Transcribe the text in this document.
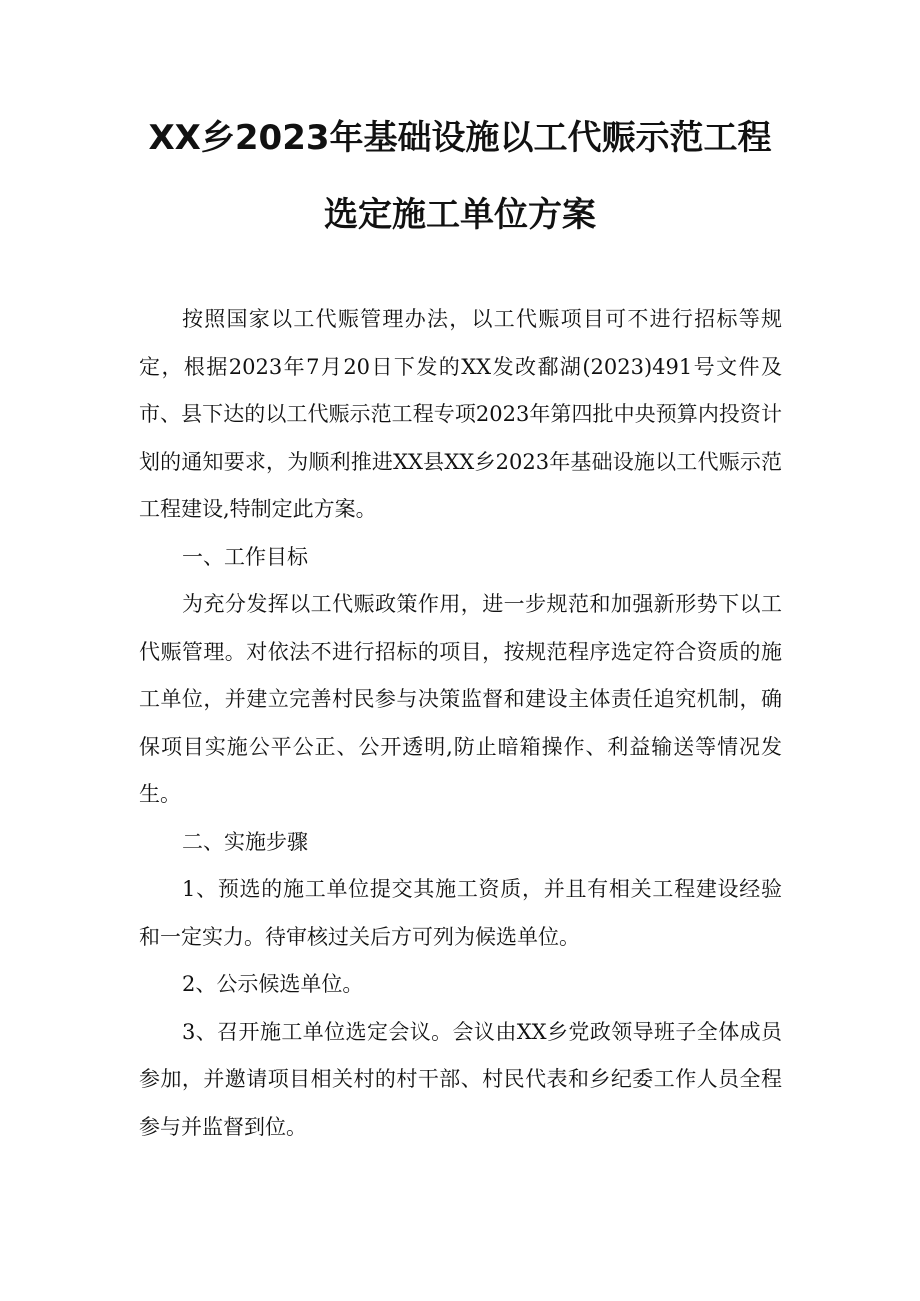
XX乡2023年基础设施以工代赈示范工程
选定施工单位方案

按照国家以工代赈管理办法，以工代赈项目可不进行招标等规定，根据2023年7月20日下发的XX发改鄱湖(2023)491号文件及市、县下达的以工代赈示范工程专项2023年第四批中央预算内投资计划的通知要求，为顺利推进XX县XX乡2023年基础设施以工代赈示范工程建设,特制定此方案。

一、工作目标

为充分发挥以工代赈政策作用，进一步规范和加强新形势下以工代赈管理。对依法不进行招标的项目，按规范程序选定符合资质的施工单位，并建立完善村民参与决策监督和建设主体责任追究机制，确保项目实施公平公正、公开透明,防止暗箱操作、利益输送等情况发生。

二、实施步骤

1、预选的施工单位提交其施工资质，并且有相关工程建设经验和一定实力。待审核过关后方可列为候选单位。

2、公示候选单位。

3、召开施工单位选定会议。会议由XX乡党政领导班子全体成员参加，并邀请项目相关村的村干部、村民代表和乡纪委工作人员全程参与并监督到位。
